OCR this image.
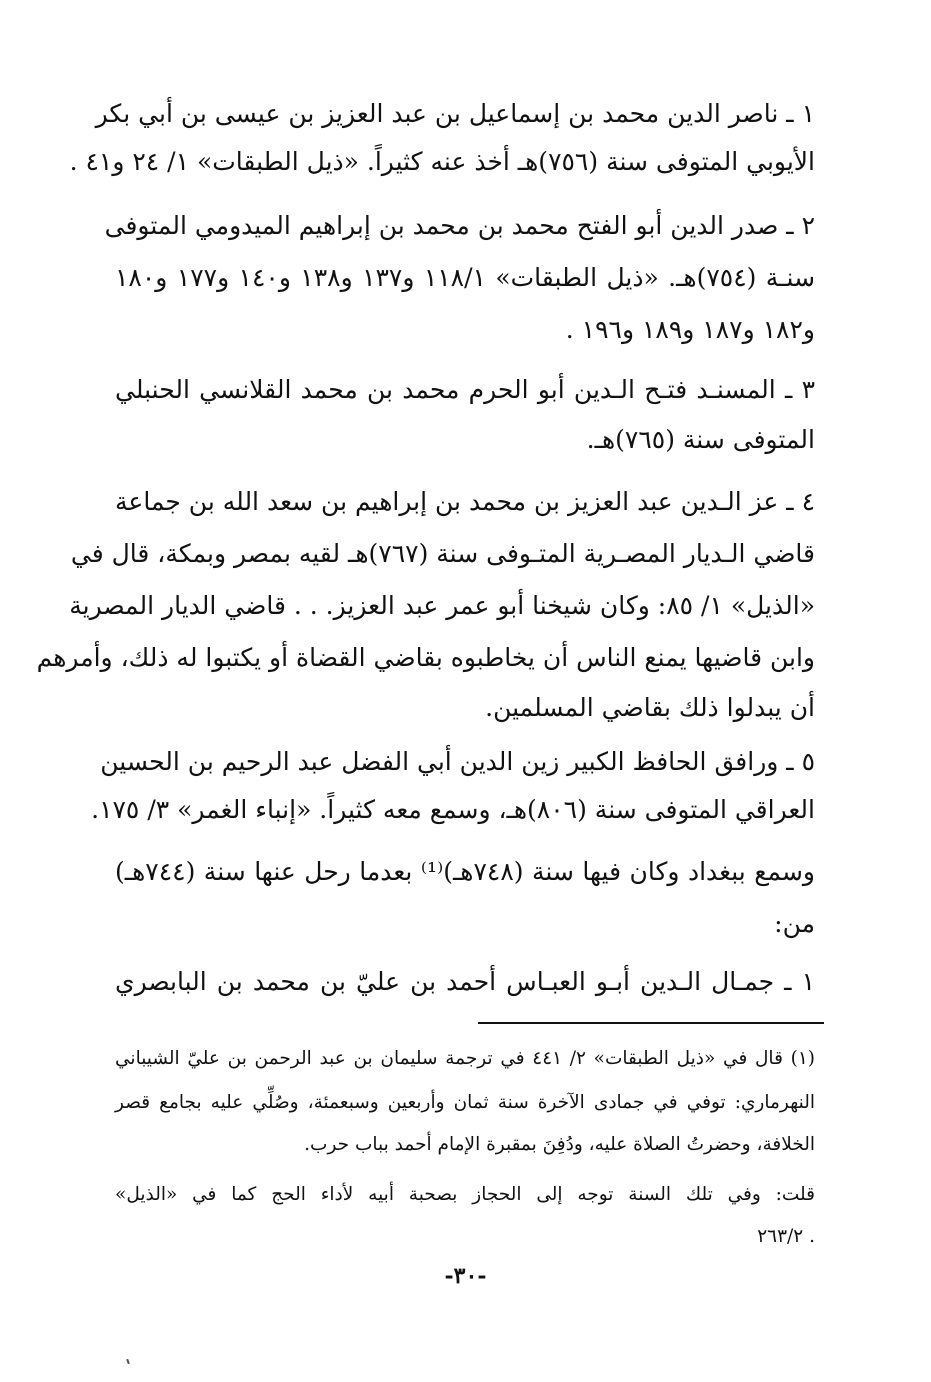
١ ـ ناصر الدين محمد بن إسماعيل بن عبد العزيز بن عيسى بن أبي بكر
الأيوبي المتوفى سنة (٧٥٦)هـ أخذ عنه كثيراً. «ذيل الطبقات» ١/ ٢٤ و٤١ .
٢ ـ صدر الدين أبو الفتح محمد بن محمد بن إبراهيم الميدومي المتوفى
سنـة (٧٥٤)هـ. «ذيل الطبقات» ١١٨/١ و١٣٧ و١٣٨ و١٤٠ و١٧٧ و١٨٠
و١٨٢ و١٨٧ و١٨٩ و١٩٦ .
٣ ـ المسنـد فتـح الـدين أبو الحرم محمد بن محمد القلانسي الحنبلي
المتوفى سنة (٧٦٥)هـ.
٤ ـ عز الـدين عبد العزيز بن محمد بن إبراهيم بن سعد الله بن جماعة
قاضي الـديار المصـرية المتـوفى سنة (٧٦٧)هـ لقيه بمصر وبمكة، قال في
«الذيل» ١/ ٨٥: وكان شيخنا أبو عمر عبد العزيز. . . قاضي الديار المصرية
وابن قاضيها يمنع الناس أن يخاطبوه بقاضي القضاة أو يكتبوا له ذلك، وأمرهم
أن يبدلوا ذلك بقاضي المسلمين.
٥ ـ ورافق الحافظ الكبير زين الدين أبي الفضل عبد الرحيم بن الحسين
العراقي المتوفى سنة (٨٠٦)هـ، وسمع معه كثيراً. «إنباء الغمر» ٣/ ١٧٥.
وسمع ببغداد وكان فيها سنة (٧٤٨هـ)⁽¹⁾ بعدما رحل عنها سنة (٧٤٤هـ)
من:
١ ـ جمـال الـدين أبـو العبـاس أحمد بن عليّ بن محمد بن البابصري
(١) قال في «ذيل الطبقات» ٢/ ٤٤١ في ترجمة سليمان بن عبد الرحمن بن عليّ الشيباني
النهرماري: توفي في جمادى الآخرة سنة ثمان وأربعين وسبعمئة، وصُلِّي عليه بجامع قصر
الخلافة، وحضرتُ الصلاة عليه، ودُفِنَ بمقبرة الإمام أحمد بباب حرب.
قلت: وفي تلك السنة توجه إلى الحجاز بصحبة أبيه لأداء الحج كما في «الذيل»
. ٢٦٣/٢
-٣٠-
